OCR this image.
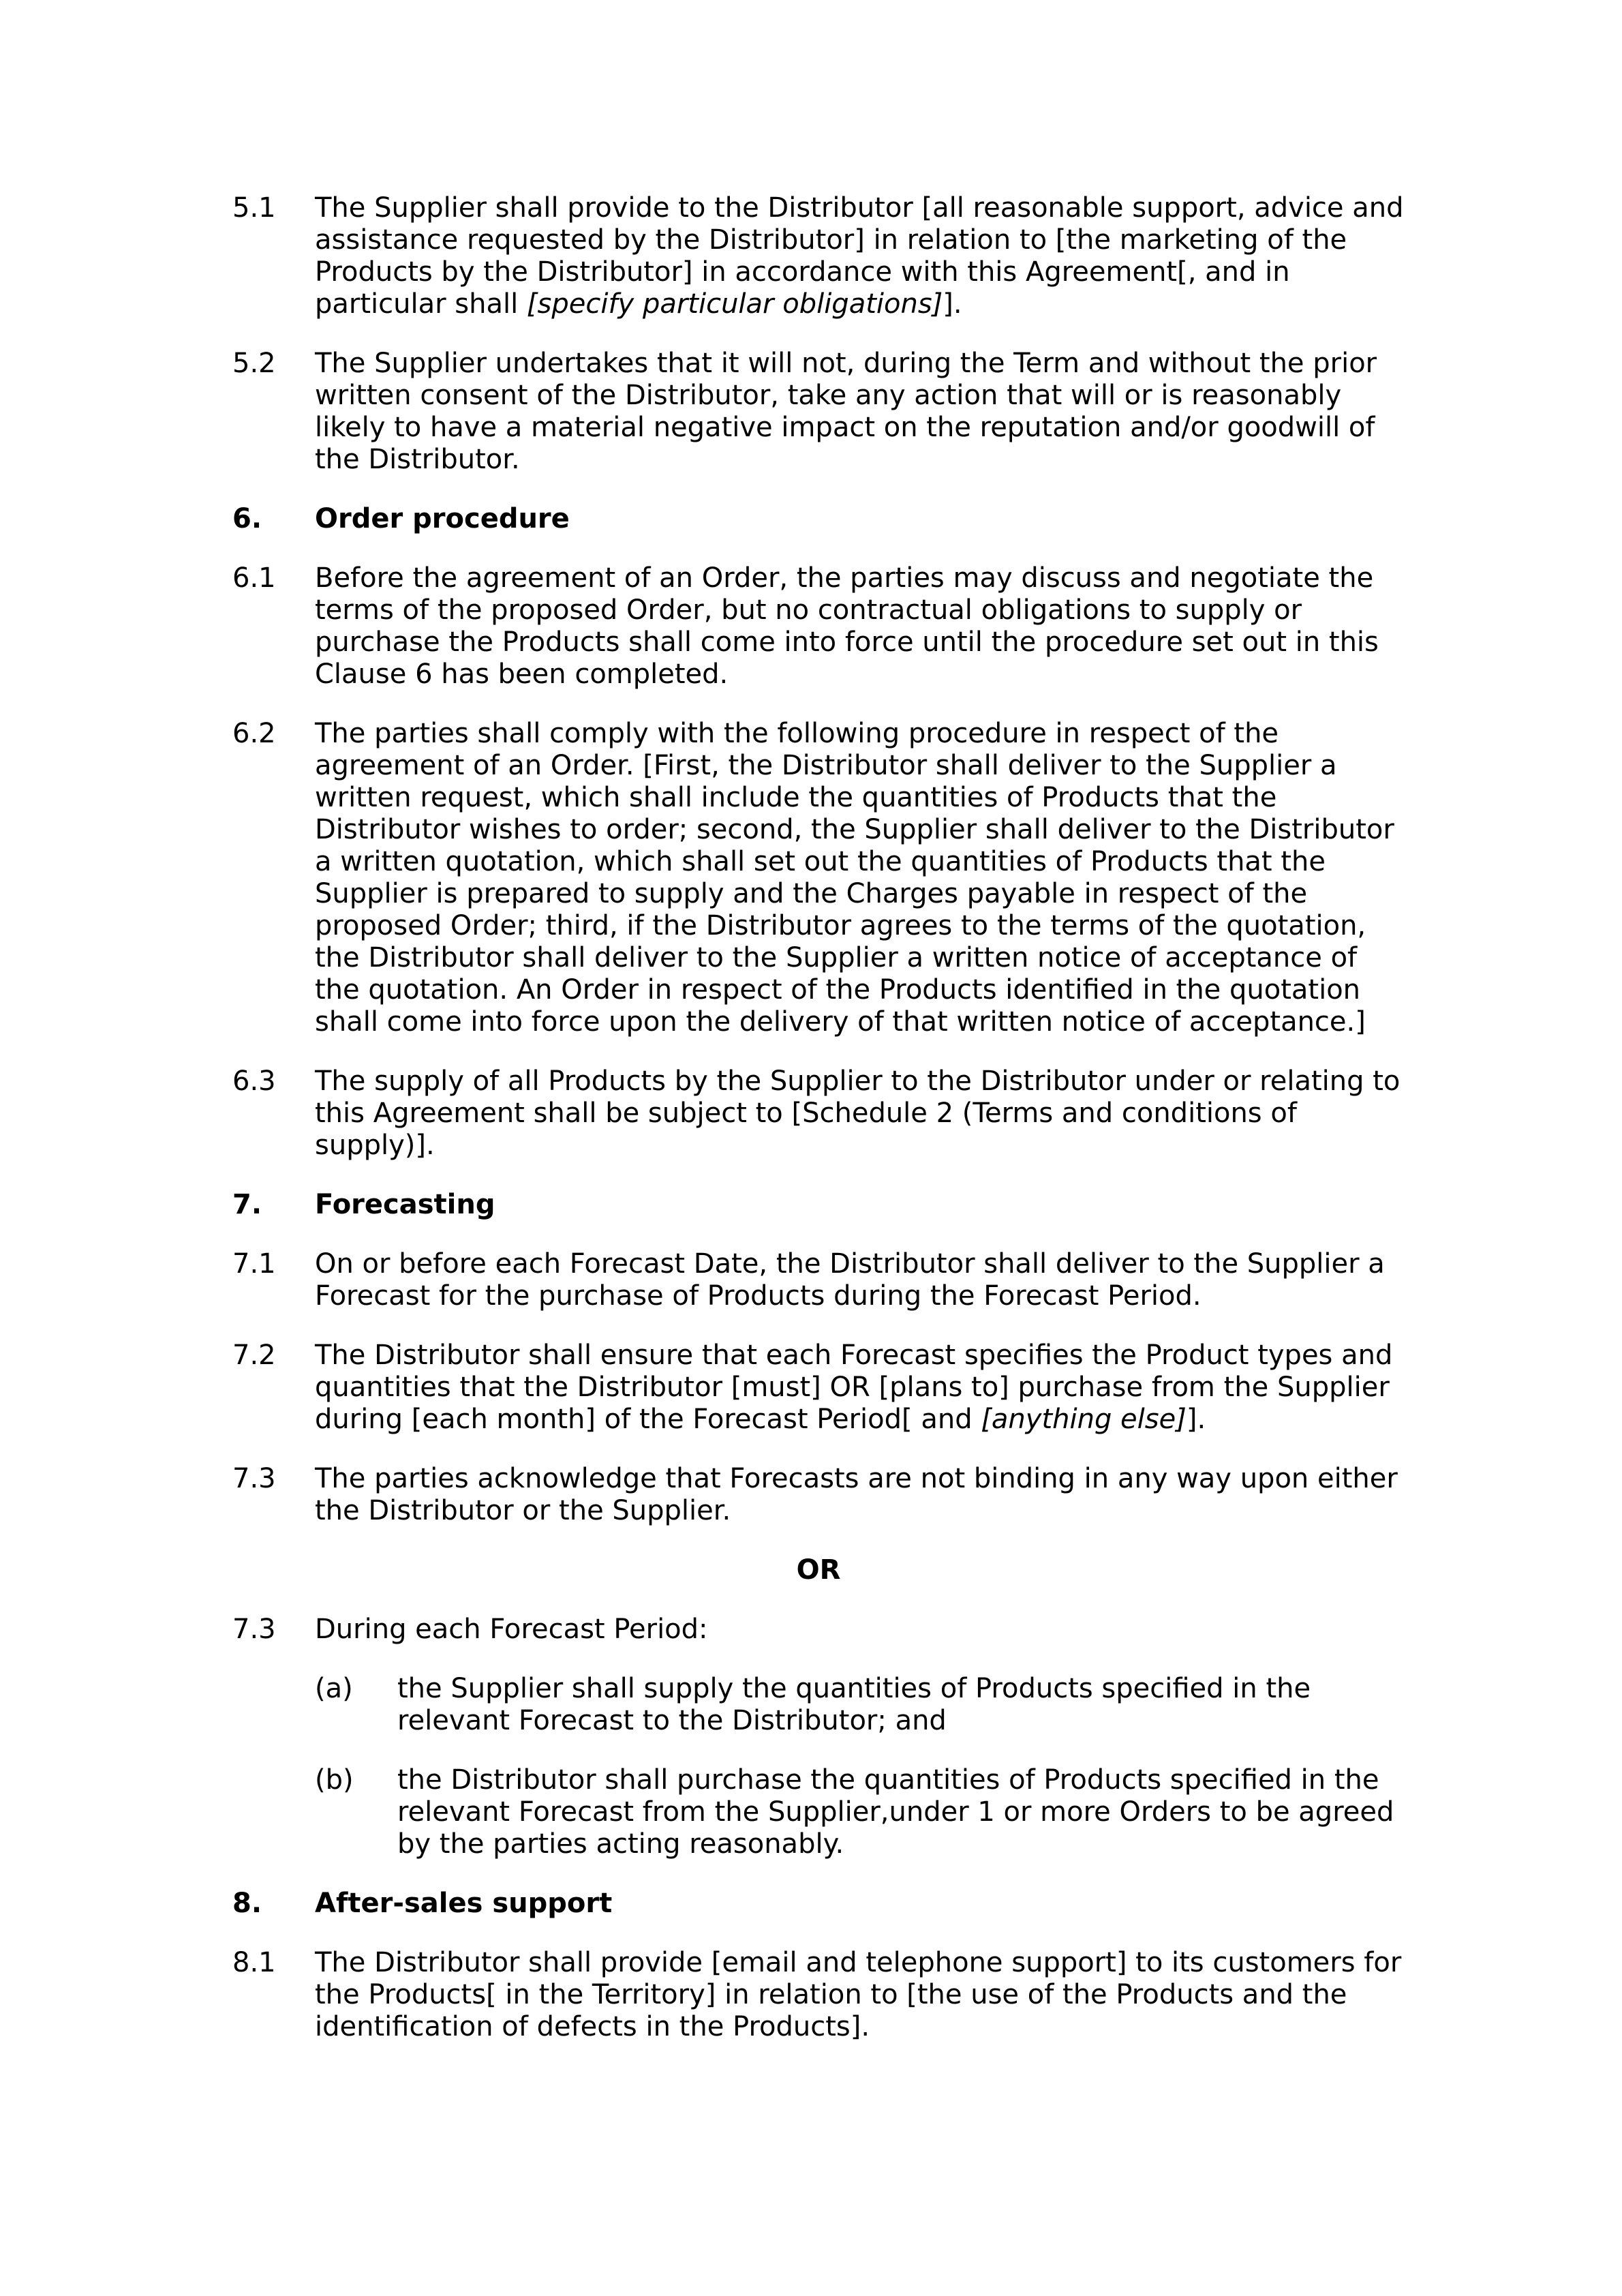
5.1	The Supplier shall provide to the Distributor [all reasonable support, advice and assistance requested by the Distributor] in relation to [the marketing of the Products by the Distributor] in accordance with this Agreement[, and in particular shall [specify particular obligations]].
5.2	The Supplier undertakes that it will not, during the Term and without the prior written consent of the Distributor, take any action that will or is reasonably likely to have a material negative impact on the reputation and/or goodwill of the Distributor.
6.	Order procedure
6.1	Before the agreement of an Order, the parties may discuss and negotiate the terms of the proposed Order, but no contractual obligations to supply or purchase the Products shall come into force until the procedure set out in this Clause 6 has been completed.
6.2	The parties shall comply with the following procedure in respect of the agreement of an Order. [First, the Distributor shall deliver to the Supplier a written request, which shall include the quantities of Products that the Distributor wishes to order; second, the Supplier shall deliver to the Distributor a written quotation, which shall set out the quantities of Products that the Supplier is prepared to supply and the Charges payable in respect of the proposed Order; third, if the Distributor agrees to the terms of the quotation, the Distributor shall deliver to the Supplier a written notice of acceptance of the quotation. An Order in respect of the Products identified in the quotation shall come into force upon the delivery of that written notice of acceptance.]
6.3	The supply of all Products by the Supplier to the Distributor under or relating to this Agreement shall be subject to [Schedule 2 (Terms and conditions of supply)].
7.	Forecasting
7.1	On or before each Forecast Date, the Distributor shall deliver to the Supplier a Forecast for the purchase of Products during the Forecast Period.
7.2	The Distributor shall ensure that each Forecast specifies the Product types and quantities that the Distributor [must] OR [plans to] purchase from the Supplier during [each month] of the Forecast Period[ and [anything else]].
7.3	The parties acknowledge that Forecasts are not binding in any way upon either the Distributor or the Supplier.
OR
7.3	During each Forecast Period:
(a)	the Supplier shall supply the quantities of Products specified in the relevant Forecast to the Distributor; and
(b)	the Distributor shall purchase the quantities of Products specified in the relevant Forecast from the Supplier,under 1 or more Orders to be agreed by the parties acting reasonably.
8.	After-sales support
8.1	The Distributor shall provide [email and telephone support] to its customers for the Products[ in the Territory] in relation to [the use of the Products and the identification of defects in the Products].
